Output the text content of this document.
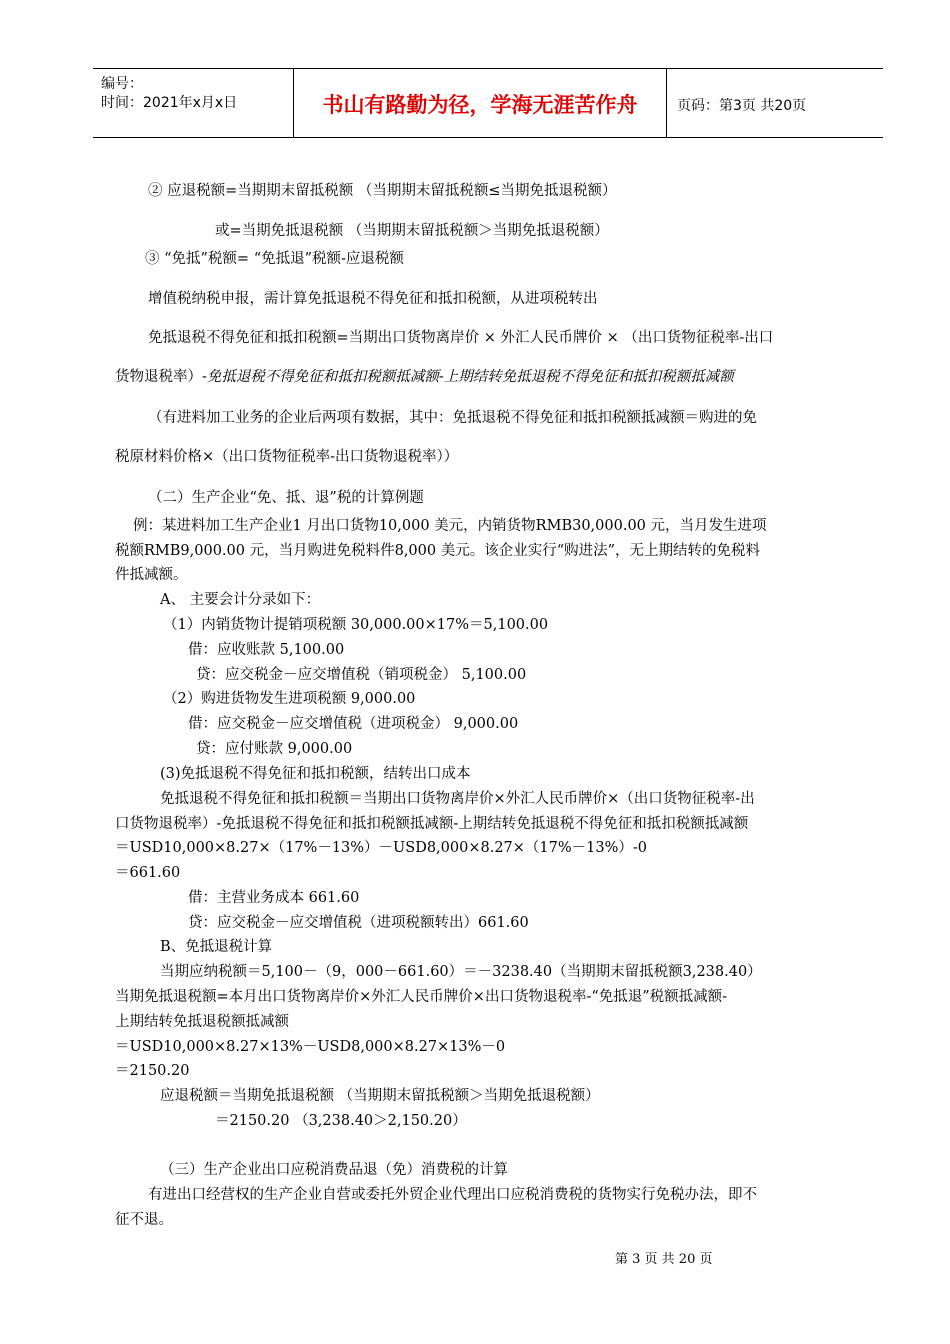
编号：
时间：2021年x月x日	书山有路勤为径，学海无涯苦作舟	页码：第3页 共20页
② 应退税额=当期期末留抵税额 （当期期末留抵税额≤当期免抵退税额）
或=当期免抵退税额 （当期期末留抵税额＞当期免抵退税额）
③ “免抵”税额= “免抵退”税额-应退税额
增值税纳税申报，需计算免抵退税不得免征和抵扣税额，从进项税转出
免抵退税不得免征和抵扣税额=当期出口货物离岸价 × 外汇人民币牌价 × （出口货物征税率-出口
货物退税率）-免抵退税不得免征和抵扣税额抵减额-上期结转免抵退税不得免征和抵扣税额抵减额
（有进料加工业务的企业后两项有数据，其中：免抵退税不得免征和抵扣税额抵减额＝购进的免
税原材料价格×（出口货物征税率-出口货物退税率））
（二）生产企业“免、抵、退”税的计算例题
例：某进料加工生产企业1 月出口货物10,000 美元，内销货物RMB30,000.00 元，当月发生进项
税额RMB9,000.00 元，当月购进免税料件8,000 美元。该企业实行“购进法”，无上期结转的免税料
件抵减额。
A、 主要会计分录如下：
（1）内销货物计提销项税额 30,000.00×17%＝5,100.00
借：应收账款 5,100.00
贷：应交税金－应交增值税（销项税金） 5,100.00
（2）购进货物发生进项税额 9,000.00
借：应交税金－应交增值税（进项税金） 9,000.00
贷：应付账款 9,000.00
(3)免抵退税不得免征和抵扣税额，结转出口成本
免抵退税不得免征和抵扣税额＝当期出口货物离岸价×外汇人民币牌价×（出口货物征税率-出
口货物退税率）-免抵退税不得免征和抵扣税额抵减额-上期结转免抵退税不得免征和抵扣税额抵减额
＝USD10,000×8.27×（17%－13%）－USD8,000×8.27×（17%－13%）-0
＝661.60
借：主营业务成本 661.60
贷：应交税金－应交增值税（进项税额转出）661.60
B、免抵退税计算
当期应纳税额＝5,100－（9，000－661.60）＝－3238.40（当期期末留抵税额3,238.40）
当期免抵退税额=本月出口货物离岸价×外汇人民币牌价×出口货物退税率-“免抵退”税额抵减额-
上期结转免抵退税额抵减额
＝USD10,000×8.27×13%－USD8,000×8.27×13%－0
＝2150.20
应退税额＝当期免抵退税额 （当期期末留抵税额＞当期免抵退税额）
＝2150.20 （3,238.40＞2,150.20）
（三）生产企业出口应税消费品退（免）消费税的计算
有进出口经营权的生产企业自营或委托外贸企业代理出口应税消费税的货物实行免税办法，即不
征不退。
第 3 页 共 20 页
